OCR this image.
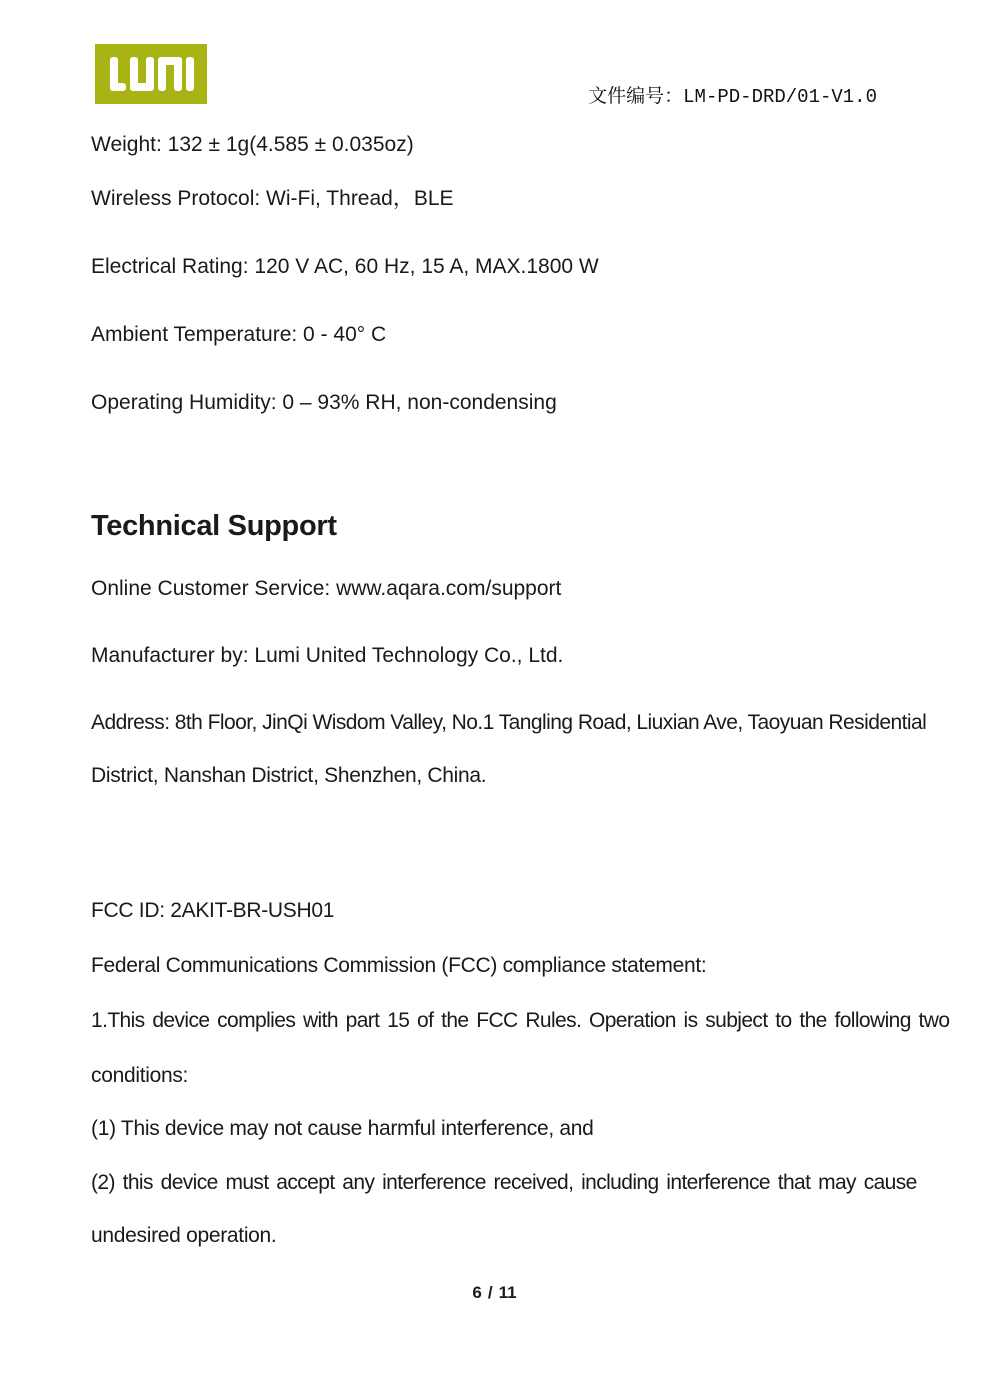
文件编号：LM-PD-DRD/01-V1.0
Weight: 132 ± 1g(4.585 ± 0.035oz)
Wireless Protocol: Wi-Fi, Thread，BLE
Electrical Rating: 120 V AC, 60 Hz, 15 A, MAX.1800 W
Ambient Temperature: 0 - 40° C
Operating Humidity: 0 – 93% RH, non-condensing
Technical Support
Online Customer Service: www.aqara.com/support
Manufacturer by: Lumi United Technology Co., Ltd.
Address: 8th Floor, JinQi Wisdom Valley, No.1 Tangling Road, Liuxian Ave, Taoyuan Residential
District, Nanshan District, Shenzhen, China.
FCC ID: 2AKIT-BR-USH01
Federal Communications Commission (FCC) compliance statement:
1.This device complies with part 15 of the FCC Rules. Operation is subject to the following two
conditions:
(1) This device may not cause harmful interference, and
(2) this device must accept any interference received, including interference that may cause
undesired operation.
6 / 11
